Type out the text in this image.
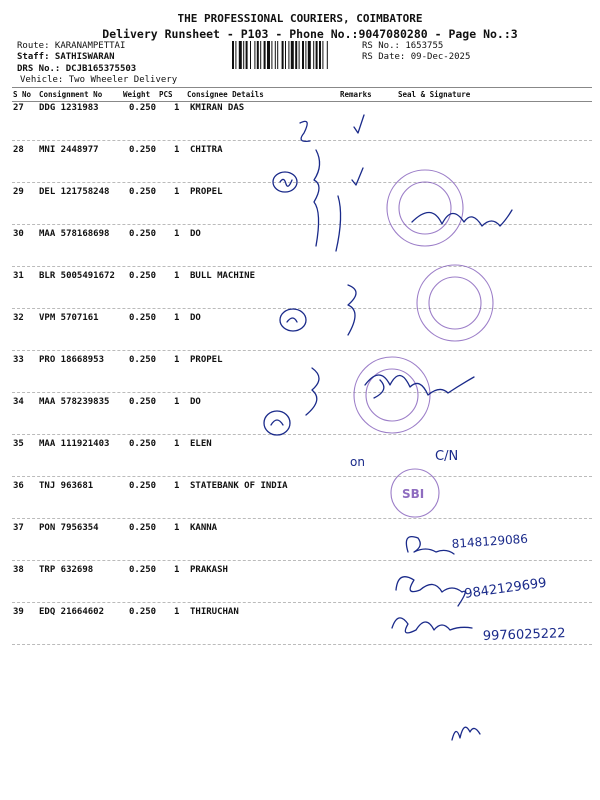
THE PROFESSIONAL COURIERS, COIMBATORE
Delivery Runsheet - P103 - Phone No.:9047080280 - Page No.:3
Route: KARANAMPETTAI
Staff: SATHISWARAN
DRS No.: DCJB165375503
Vehicle: Two Wheeler Delivery
RS No.: 1653755
RS Date: 09-Dec-2025
S No Consignment No	Weight PCS Consignee Details	Remarks	Seal & Signature
27 DDG 1231983	0.250 1 KMIRAN DAS
28 MNI 2448977	0.250 1 CHITRA
29 DEL 121758248 0.250 1 PROPEL
30 MAA 578168698 0.250 1 DO
31 BLR 5005491672 0.250 1 BULL MACHINE
32 VPM 5707161	0.250 1 DO
33 PRO 18668953	0.250 1 PROPEL
34 MAA 578239835 0.250 1 DO
35 MAA 111921403 0.250 1 ELEN
36 TNJ 963681	0.250 1 STATEBANK OF INDIA
37 PON 7956354	0.250 1 KANNA
38 TRP 632698	0.250 1 PRAKASH
39 EDQ 21664602	0.250 1 THIRUCHAN
on	C/N
SBI
8148129086
9842129699
9976025222
